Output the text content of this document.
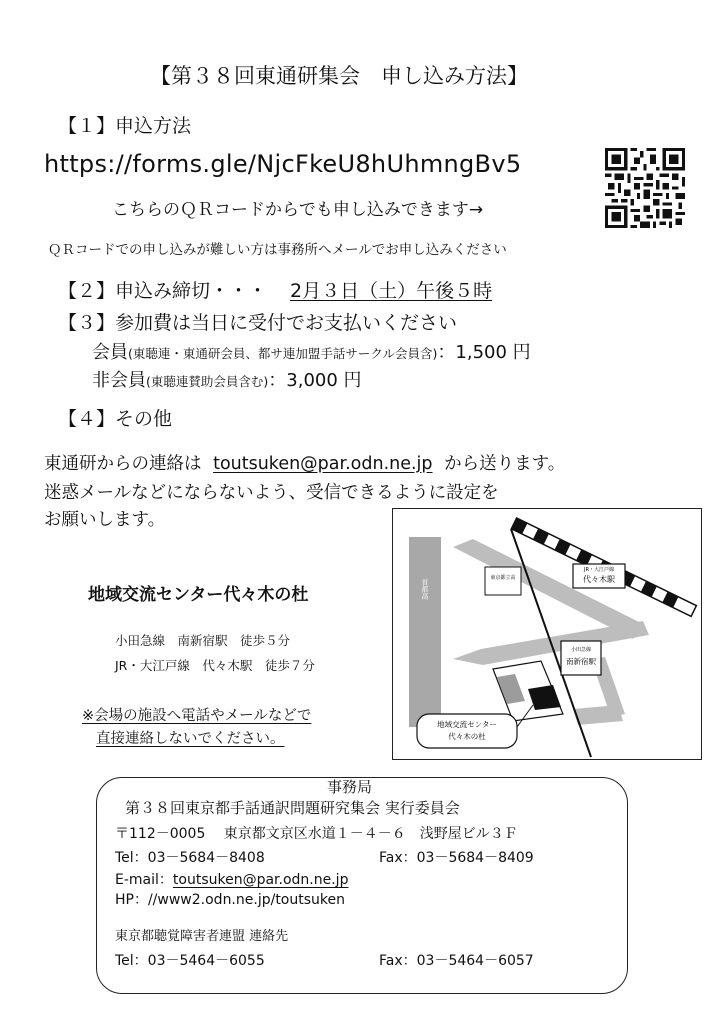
【第３８回東通研集会　申し込み方法】
【１】申込方法
https://forms.gle/NjcFkeU8hUhmngBv5
こちらのＱＲコードからでも申し込みできます→
ＱＲコードでの申し込みが難しい方は事務所へメールでお申し込みください
【２】申込み締切・・・ 2月３日（土）午後５時
【３】参加費は当日に受付でお支払いください
会員(東聴連・東通研会員、都サ連加盟手話サークル会員含)：1,500 円
非会員(東聴連賛助会員含む)：3,000 円
【４】その他
東通研からの連絡は toutsuken@par.odn.ne.jp から送ります。
迷惑メールなどにならないよう、受信できるように設定を
お願いします。
地域交流センター代々木の杜
小田急線　南新宿駅　徒歩５分
JR・大江戸線　代々木駅　徒歩７分
※会場の施設へ電話やメールなどで
直接連絡しないでください。
首都高
JR・大江戸線
代々木駅
東京都立高
小田急線
南新宿駅
地域交流センター
代々木の杜
事務局
第３８回東京都手話通訳問題研究集会 実行委員会
〒112－0005　 東京都文京区水道１－４－６　浅野屋ビル３Ｆ
Tel：03－5684－8408	Fax：03－5684－8409
E-mail：toutsuken@par.odn.ne.jp
HP：//www2.odn.ne.jp/toutsuken
東京都聴覚障害者連盟 連絡先
Tel：03－5464－6055	Fax：03－5464－6057
